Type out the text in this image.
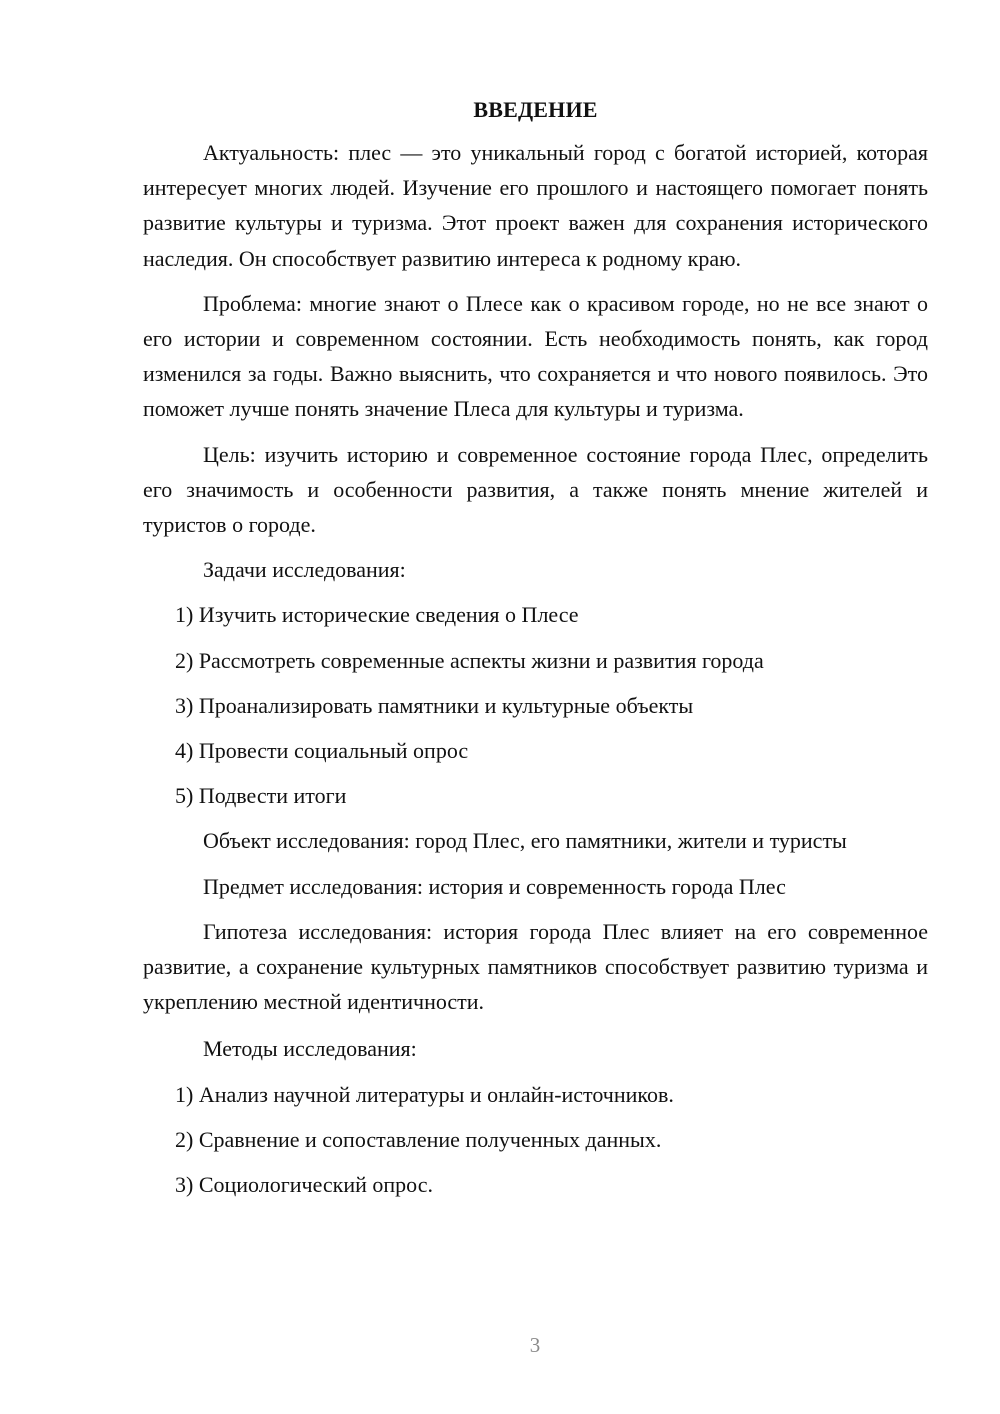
ВВЕДЕНИЕ

Актуальность: плес — это уникальный город с богатой историей, которая интересует многих людей. Изучение его прошлого и настоящего помогает понять развитие культуры и туризма. Этот проект важен для сохранения исторического наследия. Он способствует развитию интереса к родному краю.

Проблема: многие знают о Плесе как о красивом городе, но не все знают о его истории и современном состоянии. Есть необходимость понять, как город изменился за годы. Важно выяснить, что сохраняется и что нового появилось. Это поможет лучше понять значение Плеса для культуры и туризма.

Цель: изучить историю и современное состояние города Плес, определить его значимость и особенности развития, а также понять мнение жителей и туристов о городе.

Задачи исследования:

1) Изучить исторические сведения о Плесе
2) Рассмотреть современные аспекты жизни и развития города
3) Проанализировать памятники и культурные объекты
4) Провести социальный опрос
5) Подвести итоги

Объект исследования: город Плес, его памятники, жители и туристы

Предмет исследования: история и современность города Плес

Гипотеза исследования: история города Плес влияет на его современное развитие, а сохранение культурных памятников способствует развитию туризма и укреплению местной идентичности.

Методы исследования:

1) Анализ научной литературы и онлайн-источников.
2) Сравнение и сопоставление полученных данных.
3) Социологический опрос.
3
